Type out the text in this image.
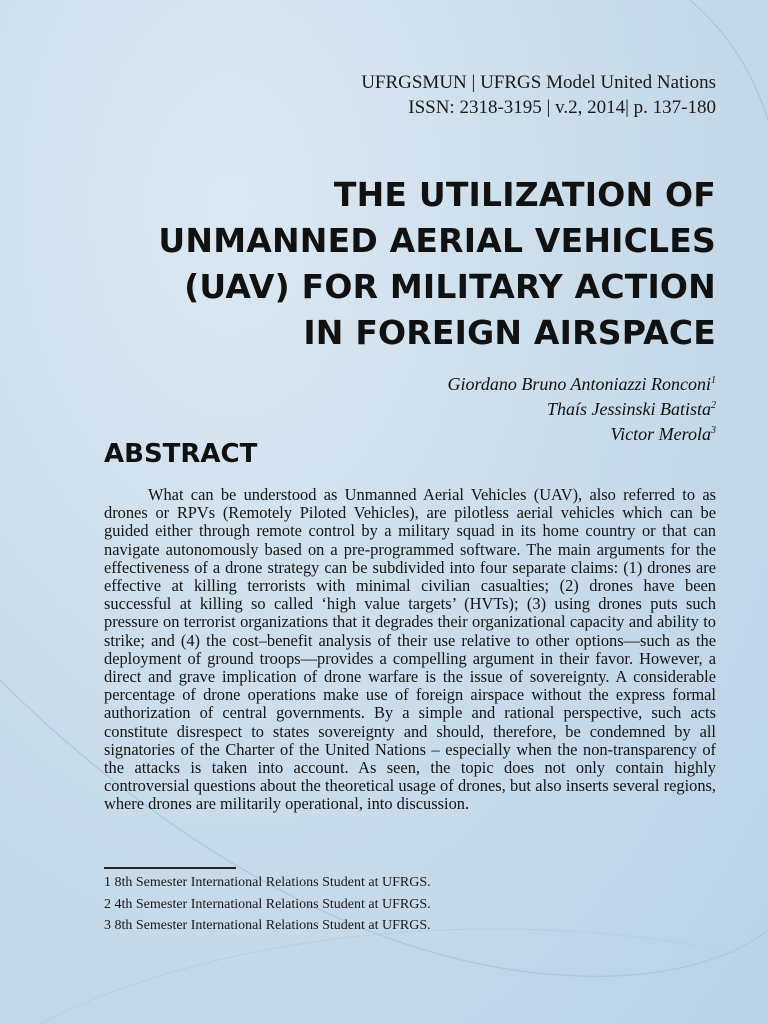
UFRGSMUN | UFRGS Model United Nations
ISSN: 2318-3195 | v.2, 2014| p. 137-180
THE UTILIZATION OF
UNMANNED AERIAL VEHICLES
(UAV) FOR MILITARY ACTION
IN FOREIGN AIRSPACE
Giordano Bruno Antoniazzi Ronconi$^1$
Thaís Jessinski Batista$^2$
Victor Merola$^3$
ABSTRACT

What can be understood as Unmanned Aerial Vehicles (UAV), also referred to as drones or RPVs (Remotely Piloted Vehicles), are pilotless aerial vehicles which can be guided either through remote control by a military squad in its home country or that can navigate autonomously based on a pre-programmed software. The main arguments for the effectiveness of a drone strategy can be subdivided into four separate claims: (1) drones are effective at killing terrorists with minimal civilian casualties; (2) drones have been successful at killing so called ‘high value targets’ (HVTs); (3) using drones puts such pressure on terrorist organizations that it degrades their organizational capacity and ability to strike; and (4) the cost–benefit analysis of their use relative to other options—such as the deployment of ground troops—provides a compelling argument in their favor. However, a direct and grave implication of drone warfare is the issue of sovereignty. A considerable percentage of drone operations make use of foreign airspace without the express formal authorization of central governments. By a simple and rational perspective, such acts constitute disrespect to states sovereignty and should, therefore, be condemned by all signatories of the Charter of the United Nations – especially when the non-transparency of the attacks is taken into account. As seen, the topic does not only contain highly controversial questions about the theoretical usage of drones, but also inserts several regions, where drones are militarily operational, into discussion.

1 8th Semester International Relations Student at UFRGS.
2 4th Semester International Relations Student at UFRGS.
3 8th Semester International Relations Student at UFRGS.
